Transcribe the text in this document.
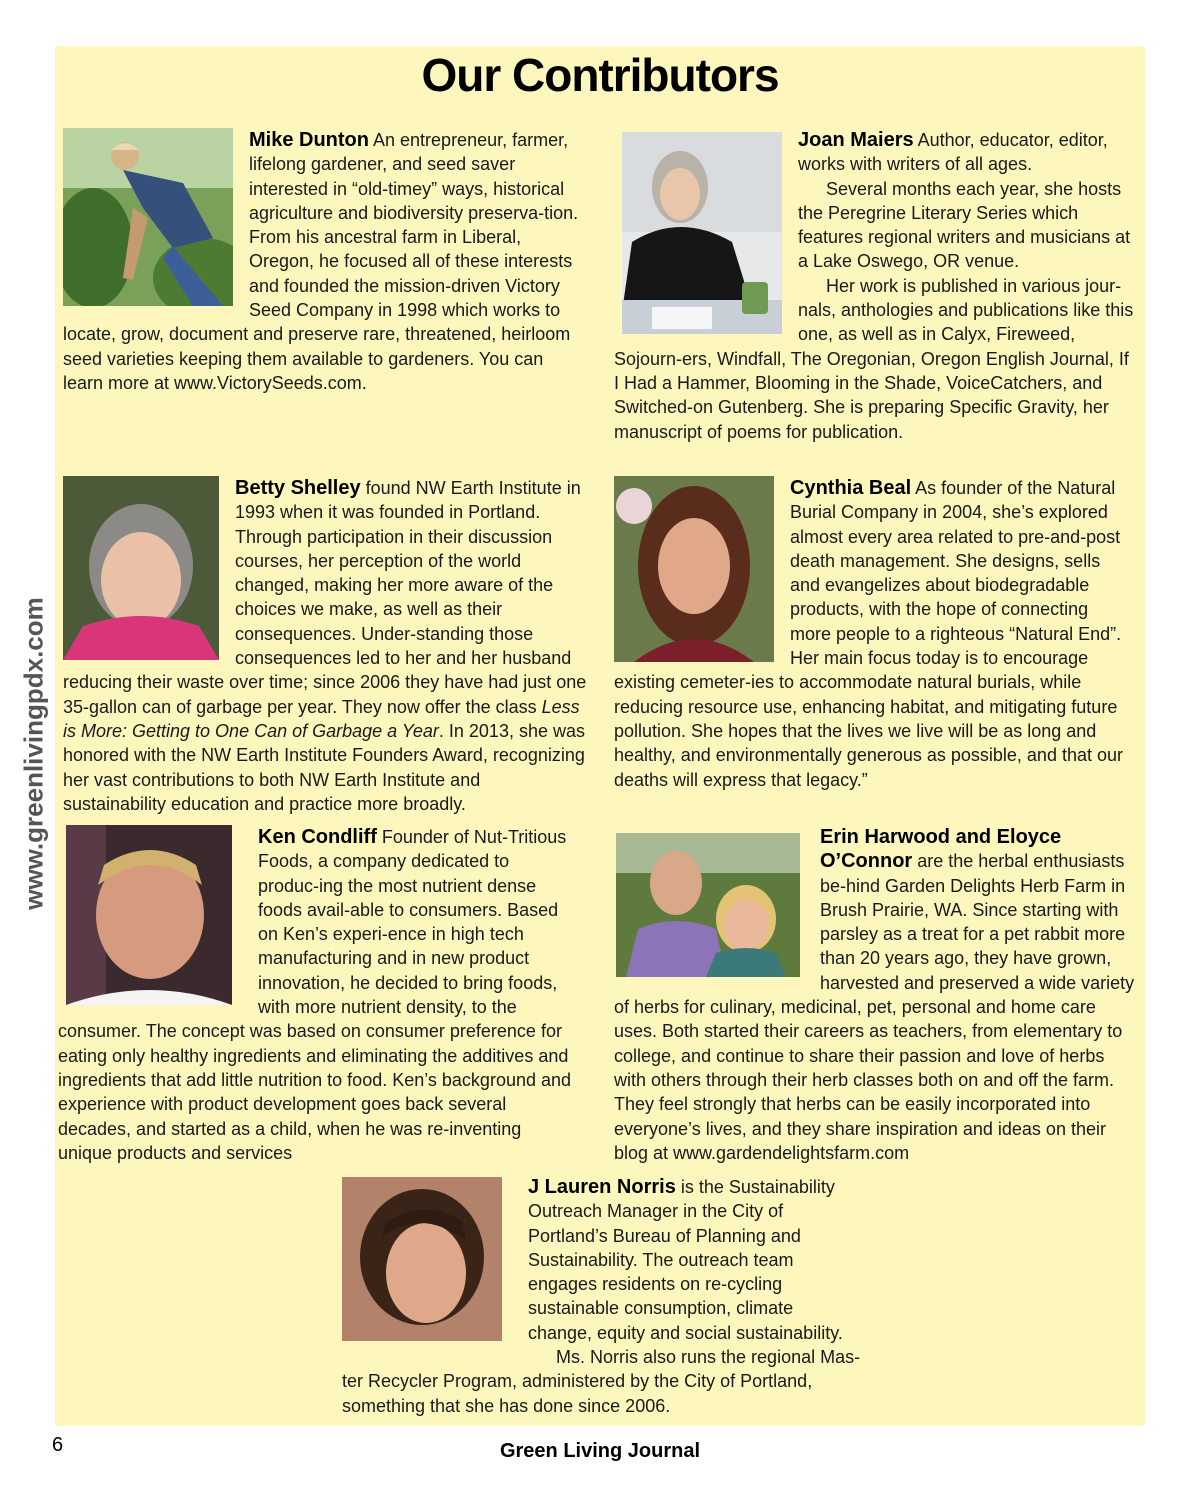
Our Contributors
www.greenlivingpdx.com

Mike Dunton An entrepreneur, farmer, lifelong gardener, and seed saver interested in “old-timey” ways, historical agriculture and biodiversity preserva-tion. From his ancestral farm in Liberal, Oregon, he focused all of these interests and founded the mission-driven Victory Seed Company in 1998 which works to locate, grow, document and preserve rare, threatened, heirloom seed varieties keeping them available to gardeners. You can learn more at www.VictorySeeds.com.

Joan Maiers Author, educator, editor, works with writers of all ages.

Several months each year, she hosts the Peregrine Literary Series which features regional writers and musicians at a Lake Oswego, OR venue.

Her work is published in various jour-nals, anthologies and publications like this one, as well as in Calyx, Fireweed, Sojourn-ers, Windfall, The Oregonian, Oregon English Journal, If I Had a Hammer, Blooming in the Shade, VoiceCatchers, and Switched-on Gutenberg. She is preparing Specific Gravity, her manuscript of poems for publication.

Betty Shelley found NW Earth Institute in 1993 when it was founded in Portland. Through participation in their discussion courses, her perception of the world changed, making her more aware of the choices we make, as well as their consequences. Under-standing those consequences led to her and her husband reducing their waste over time; since 2006 they have had just one 35-gallon can of garbage per year. They now offer the class Less is More: Getting to One Can of Garbage a Year. In 2013, she was honored with the NW Earth Institute Founders Award, recognizing her vast contributions to both NW Earth Institute and sustainability education and practice more broadly.

Cynthia Beal As founder of the Natural Burial Company in 2004, she’s explored almost every area related to pre-and-post death management. She designs, sells and evangelizes about biodegradable products, with the hope of connecting more people to a righteous “Natural End”. Her main focus today is to encourage existing cemeter-ies to accommodate natural burials, while reducing resource use, enhancing habitat, and mitigating future pollution. She hopes that the lives we live will be as long and healthy, and environmentally generous as possible, and that our deaths will express that legacy.”

Ken Condliff Founder of Nut-Tritious Foods, a company dedicated to produc-ing the most nutrient dense foods avail-able to consumers. Based on Ken’s experi-ence in high tech manufacturing and in new product innovation, he decided to bring foods, with more nutrient density, to the consumer. The concept was based on consumer preference for eating only healthy ingredients and eliminating the additives and ingredients that add little nutrition to food. Ken’s background and experience with product development goes back several decades, and started as a child, when he was re-inventing unique products and services

Erin Harwood and Eloyce
O’Connor are the herbal enthusiasts be-hind Garden Delights Herb Farm in Brush Prairie, WA. Since starting with parsley as a treat for a pet rabbit more than 20 years ago, they have grown, harvested and preserved a wide variety of herbs for culinary, medicinal, pet, personal and home care uses. Both started their careers as teachers, from elementary to college, and continue to share their passion and love of herbs with others through their herb classes both on and off the farm. They feel strongly that herbs can be easily incorporated into everyone’s lives, and they share inspiration and ideas on their blog at www.gardendelightsfarm.com

J Lauren Norris is the Sustainability Outreach Manager in the City of Portland’s Bureau of Planning and Sustainability. The outreach team engages residents on re-cycling sustainable consumption, climate change, equity and social sustainability.

Ms. Norris also runs the regional Mas-ter Recycler Program, administered by the City of Portland, something that she has done since 2006.

6	Green Living Journal
